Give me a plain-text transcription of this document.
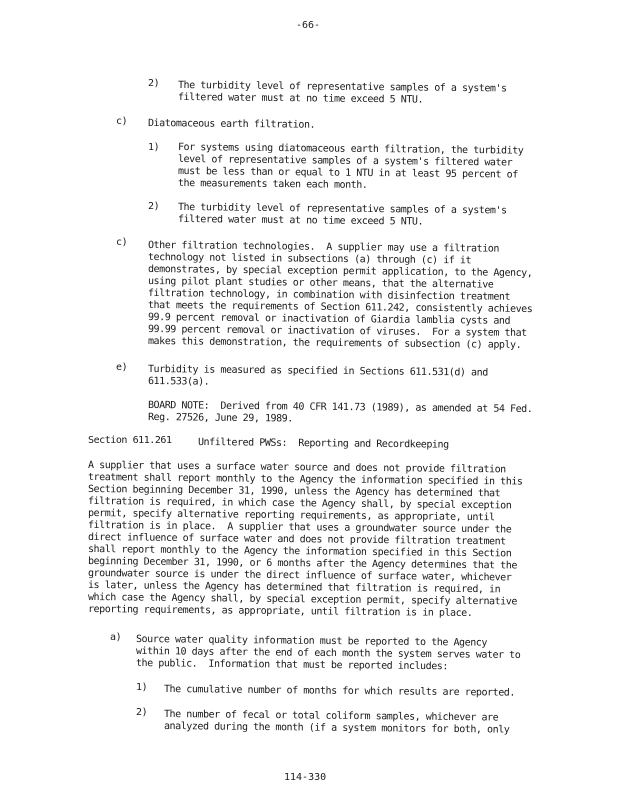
-66-
2) The turbidity level of representative samples of a system's
filtered water must at no time exceed 5 NTU.
c) Diatomaceous earth filtration.
1) For systems using diatomaceous earth filtration, the turbidity
level of representative samples of a system's filtered water
must be less than or equal to 1 NTU in at least 95 percent of
the measurements taken each month.
2) The turbidity level of representative samples of a system's
filtered water must at no time exceed 5 NTU.
c) Other filtration technologies.  A supplier may use a filtration
technology not listed in subsections (a) through (c) if it
demonstrates, by special exception permit application, to the Agency,
using pilot plant studies or other means, that the alternative
filtration technology, in combination with disinfection treatment
that meets the requirements of Section 611.242, consistently achieves
99.9 percent removal or inactivation of Giardia lamblia cysts and
99.99 percent removal or inactivation of viruses.  For a system that
makes this demonstration, the requirements of subsection (c) apply.
e) Turbidity is measured as specified in Sections 611.531(d) and
611.533(a).
BOARD NOTE:  Derived from 40 CFR 141.73 (1989), as amended at 54 Fed.
Reg. 27526, June 29, 1989.
Section 611.261	Unfiltered PWSs:  Reporting and Recordkeeping
A supplier that uses a surface water source and does not provide filtration
treatment shall report monthly to the Agency the information specified in this
Section beginning December 31, 1990, unless the Agency has determined that
filtration is required, in which case the Agency shall, by special exception
permit, specify alternative reporting requirements, as appropriate, until
filtration is in place.  A supplier that uses a groundwater source under the
direct influence of surface water and does not provide filtration treatment
shall report monthly to the Agency the information specified in this Section
beginning December 31, 1990, or 6 months after the Agency determines that the
groundwater source is under the direct influence of surface water, whichever
is later, unless the Agency has determined that filtration is required, in
which case the Agency shall, by special exception permit, specify alternative
reporting requirements, as appropriate, until filtration is in place.
a) Source water quality information must be reported to the Agency
within 10 days after the end of each month the system serves water to
the public.  Information that must be reported includes:
1) The cumulative number of months for which results are reported.
2) The number of fecal or total coliform samples, whichever are
analyzed during the month (if a system monitors for both, only
114-330
